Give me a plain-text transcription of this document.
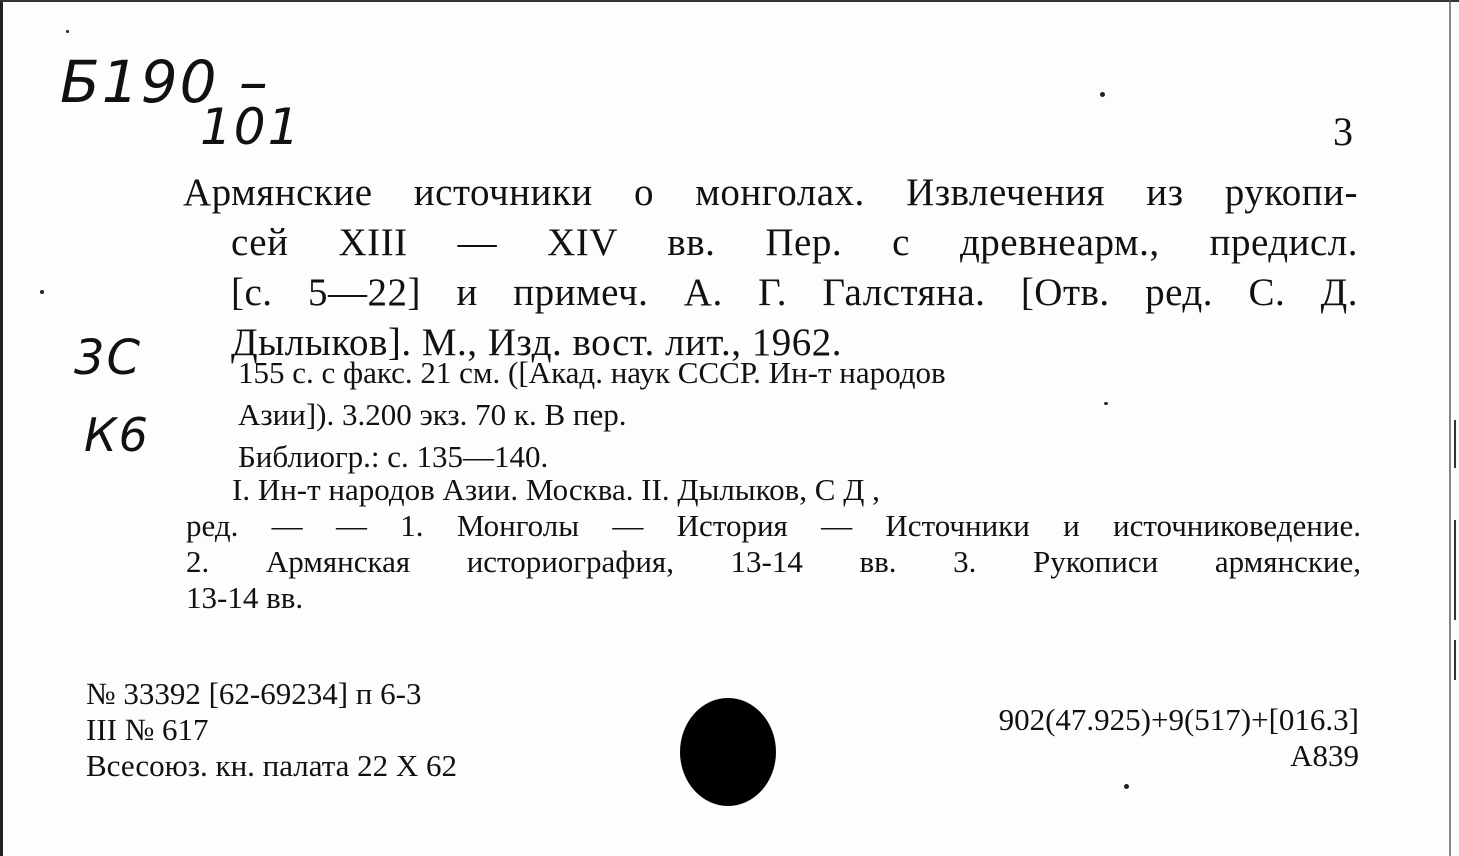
Б190 –
101
3С
К6
3
Армянские источники о монголах. Извлечения из рукопи-
сей XIII — XIV вв. Пер. с древнеарм., предисл.
[с. 5—22] и примеч. А. Г. Галстяна. [Отв. ред. С. Д.
Дылыков]. М., Изд. вост. лит., 1962.
155 с. с факс. 21 см. ([Акад. наук СССР. Ин-т народов
Азии]). 3.200 экз. 70 к. В пер.
Библиогр.: с. 135—140.
I. Ин-т народов Азии. Москва. II. Дылыков, С Д ,
ред. — — 1. Монголы — История — Источники и источниковедение.
2. Армянская историография, 13-14 вв. 3. Рукописи армянские,
13-14 вв.
№ 33392 [62-69234] п 6-3
III № 617
Всесоюз. кн. палата 22 X 62
902(47.925)+9(517)+[016.3]
А839
